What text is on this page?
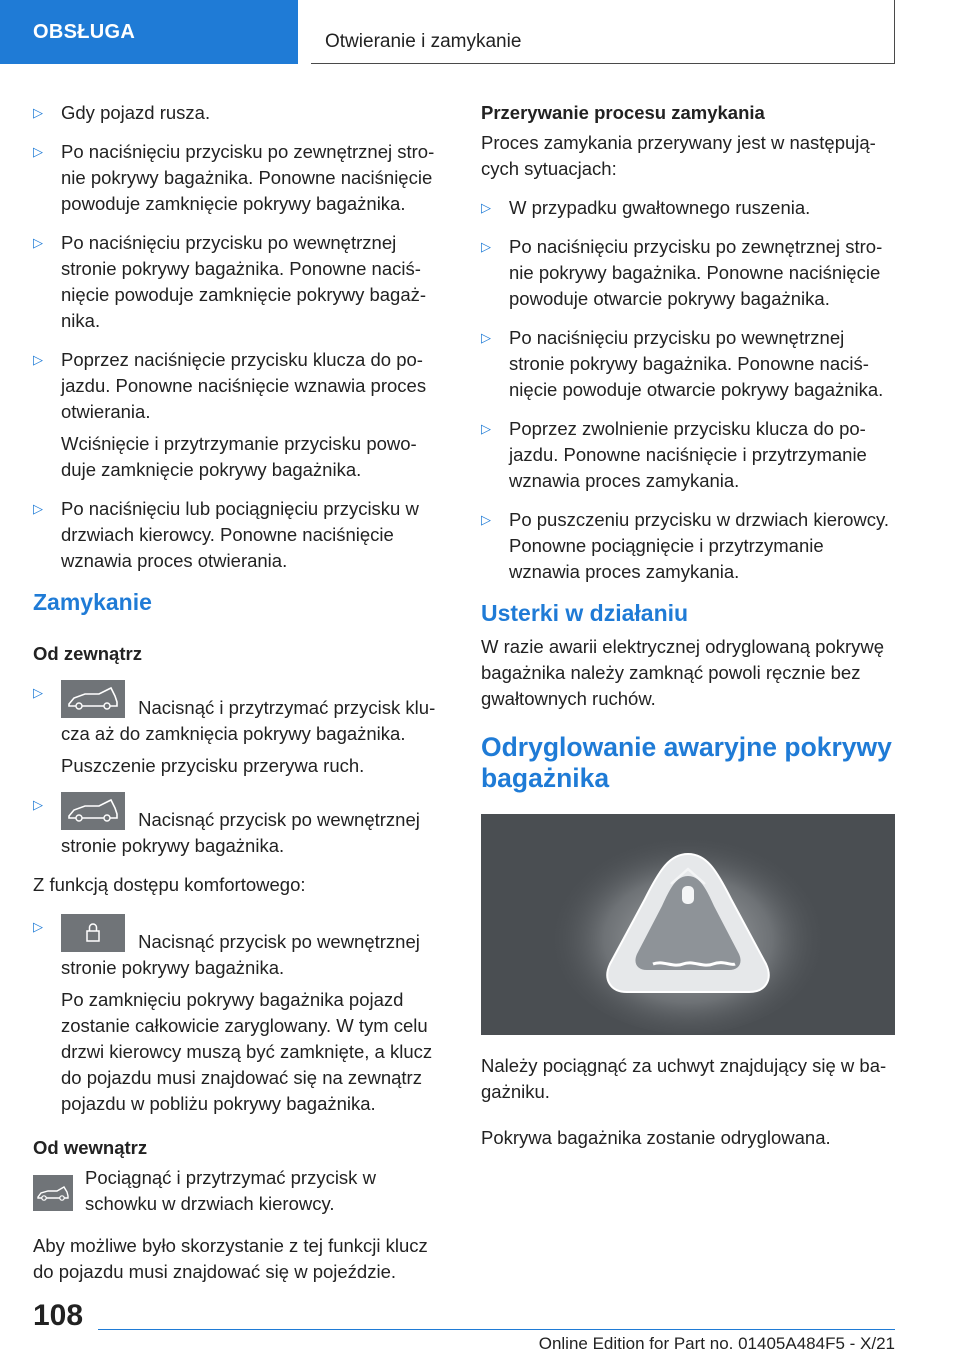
OBSŁUGA	Otwieranie i zamykanie
▷ Gdy pojazd rusza.
▷ Po naciśnięciu przycisku po zewnętrznej stronie pokrywy bagażnika. Ponowne naciśnięcie powoduje zamknięcie pokrywy bagażnika.
▷ Po naciśnięciu przycisku po wewnętrznej stronie pokrywy bagażnika. Ponowne naciśnięcie powoduje zamknięcie pokrywy bagażnika.
▷ Poprzez naciśnięcie przycisku klucza do pojazdu. Ponowne naciśnięcie wznawia proces otwierania.
Wciśnięcie i przytrzymanie przycisku powoduje zamknięcie pokrywy bagażnika.
▷ Po naciśnięciu lub pociągnięciu przycisku w drzwiach kierowcy. Ponowne naciśnięcie wznawia proces otwierania.
Zamykanie
Od zewnątrz
▷
Nacisnąć i przytrzymać przycisk klucza aż do zamknięcia pokrywy bagażnika.
Puszczenie przycisku przerywa ruch.
▷
Nacisnąć przycisk po wewnętrznej stronie pokrywy bagażnika.

Z funkcją dostępu komfortowego:

▷
Nacisnąć przycisk po wewnętrznej stronie pokrywy bagażnika.
Po zamknięciu pokrywy bagażnika pojazd zostanie całkowicie zaryglowany. W tym celu drzwi kierowcy muszą być zamknięte, a klucz do pojazdu musi znajdować się na zewnątrz pojazdu w pobliżu pokrywy bagażnika.
Od wewnątrz
Pociągnąć i przytrzymać przycisk w schowku w drzwiach kierowcy.

Aby możliwe było skorzystanie z tej funkcji klucz do pojazdu musi znajdować się w pojeździe.

Przerywanie procesu zamykania

Proces zamykania przerywany jest w następujących sytuacjach:

▷ W przypadku gwałtownego ruszenia.
▷ Po naciśnięciu przycisku po zewnętrznej stronie pokrywy bagażnika. Ponowne naciśnięcie powoduje otwarcie pokrywy bagażnika.
▷ Po naciśnięciu przycisku po wewnętrznej stronie pokrywy bagażnika. Ponowne naciśnięcie powoduje otwarcie pokrywy bagażnika.
▷ Poprzez zwolnienie przycisku klucza do pojazdu. Ponowne naciśnięcie i przytrzymanie wznawia proces zamykania.
▷ Po puszczeniu przycisku w drzwiach kierowcy. Ponowne pociągnięcie i przytrzymanie wznawia proces zamykania.
Usterki w działaniu

W razie awarii elektrycznej odryglowaną pokrywę bagażnika należy zamknąć powoli ręcznie bez gwałtownych ruchów.

Odryglowanie awaryjne pokrywy bagażnika

Należy pociągnąć za uchwyt znajdujący się w bagażniku.

Pokrywa bagażnika zostanie odryglowana.

108
Online Edition for Part no. 01405A484F5 - X/21
